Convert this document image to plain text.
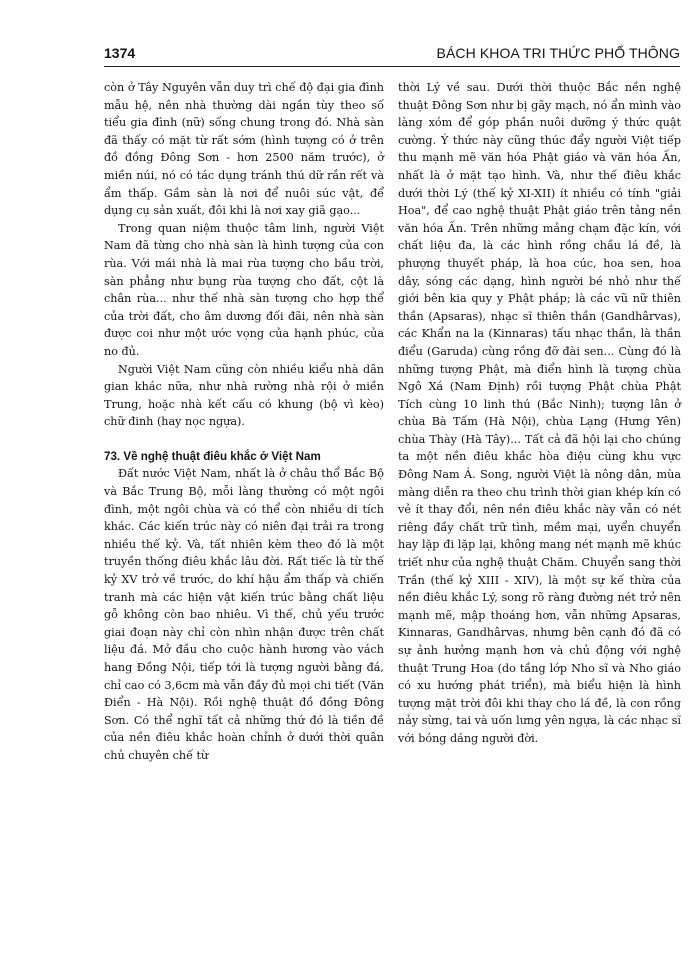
1374	BÁCH KHOA TRI THỨC PHỔ THÔNG

còn ở Tây Nguyên vẫn duy trì chế độ đại gia đình mẫu hệ, nên nhà thường dài ngắn tùy theo số tiểu gia đình (nữ) sống chung trong đó. Nhà sàn đã thấy có mặt từ rất sớm (hình tượng có ở trên đồ đồng Đông Sơn - hơn 2500 năm trước), ở miền núi, nó có tác dụng tránh thú dữ rắn rết và ẩm thấp. Gầm sàn là nơi để nuôi súc vật, để dụng cụ sản xuất, đôi khi là nơi xay giã gạo...

Trong quan niệm thuộc tâm linh, người Việt Nam đã từng cho nhà sàn là hình tượng của con rùa. Với mái nhà là mai rùa tượng cho bầu trời, sàn phẳng như bụng rùa tượng cho đất, cột là chân rùa... như thế nhà sàn tượng cho hợp thể của trời đất, cho âm dương đối đãi, nên nhà sàn được coi như một ước vọng của hạnh phúc, của no đủ.

Người Việt Nam cũng còn nhiều kiểu nhà dân gian khác nữa, như nhà rường nhà rội ở miền Trung, hoặc nhà kết cấu có khung (bộ vì kèo) chữ đinh (hay nọc ngựa).

73. Về nghệ thuật điêu khắc ở Việt Nam

Đất nước Việt Nam, nhất là ở châu thổ Bắc Bộ và Bắc Trung Bộ, mỗi làng thường có một ngôi đình, một ngôi chùa và có thể còn nhiều di tích khác. Các kiến trúc này có niên đại trải ra trong nhiều thế kỷ. Và, tất nhiên kèm theo đó là một truyền thống điêu khắc lâu đời. Rất tiếc là từ thế kỷ XV trở về trước, do khí hậu ẩm thấp và chiến tranh mà các hiện vật kiến trúc bằng chất liệu gỗ không còn bao nhiêu. Vì thế, chủ yếu trước giai đoạn này chỉ còn nhìn nhận được trên chất liệu đá. Mở đầu cho cuộc hành hương vào vách hang Đồng Nội, tiếp tới là tượng người bằng đá, chỉ cao có 3,6cm mà vẫn đầy đủ mọi chi tiết (Văn Điển - Hà Nội). Rồi nghệ thuật đồ đồng Đông Sơn. Có thể nghĩ tất cả những thứ đó là tiền đề của nền điêu khắc hoàn chỉnh ở dưới thời quân chủ chuyên chế từ

thời Lý về sau. Dưới thời thuộc Bắc nền nghệ thuật Đông Sơn như bị gãy mạch, nó ẩn mình vào làng xóm để góp phần nuôi dưỡng ý thức quật cường. Ý thức này cũng thúc đẩy người Việt tiếp thu mạnh mẽ văn hóa Phật giáo và văn hóa Ấn, nhất là ở mặt tạo hình. Và, như thế điêu khắc dưới thời Lý (thế kỷ XI-XII) ít nhiều có tính "giải Hoa", để cao nghệ thuật Phật giáo trên tảng nền văn hóa Ấn. Trên những mảng chạm đặc kín, với chất liệu đa, là các hình rồng chầu lá đề, là phượng thuyết pháp, là hoa cúc, hoa sen, hoa dây, sóng các dạng, hình người bé nhỏ như thế giới bên kia quy y Phật pháp; là các vũ nữ thiên thần (Apsaras), nhạc sĩ thiên thần (Gandhârvas), các Khẩn na la (Kinnaras) tấu nhạc thần, là thần điểu (Garuda) cùng rồng đỡ đài sen... Cùng đó là những tượng Phật, mà điển hình là tượng chùa Ngô Xá (Nam Định) rồi tượng Phật chùa Phật Tích cùng 10 linh thú (Bắc Ninh); tượng lân ở chùa Bà Tấm (Hà Nội), chùa Lạng (Hưng Yên) chùa Thày (Hà Tây)... Tất cả đã hội lại cho chúng ta một nền điêu khắc hòa điệu cùng khu vực Đông Nam Á. Song, người Việt là nông dân, mùa màng diễn ra theo chu trình thời gian khép kín có vẻ ít thay đổi, nên nền điêu khắc này vẫn có nét riêng đầy chất trữ tình, mềm mại, uyển chuyển hay lặp đi lặp lại, không mang nét mạnh mẽ khúc triết như của nghệ thuật Chăm. Chuyển sang thời Trần (thế kỷ XIII - XIV), là một sự kế thừa của nền điêu khắc Lý, song rõ ràng đường nét trở nên mạnh mẽ, mập thoáng hơn, vẫn những Apsaras, Kinnaras, Gandhârvas, nhưng bên cạnh đó đã có sự ảnh hưởng mạnh hơn và chủ động với nghệ thuật Trung Hoa (do tầng lớp Nho sĩ và Nho giáo có xu hướng phát triển), mà biểu hiện là hình tượng mặt trời đôi khi thay cho lá đề, là con rồng nảy sừng, tai và uốn lưng yên ngựa, là các nhạc sĩ với bóng dáng người đời.
